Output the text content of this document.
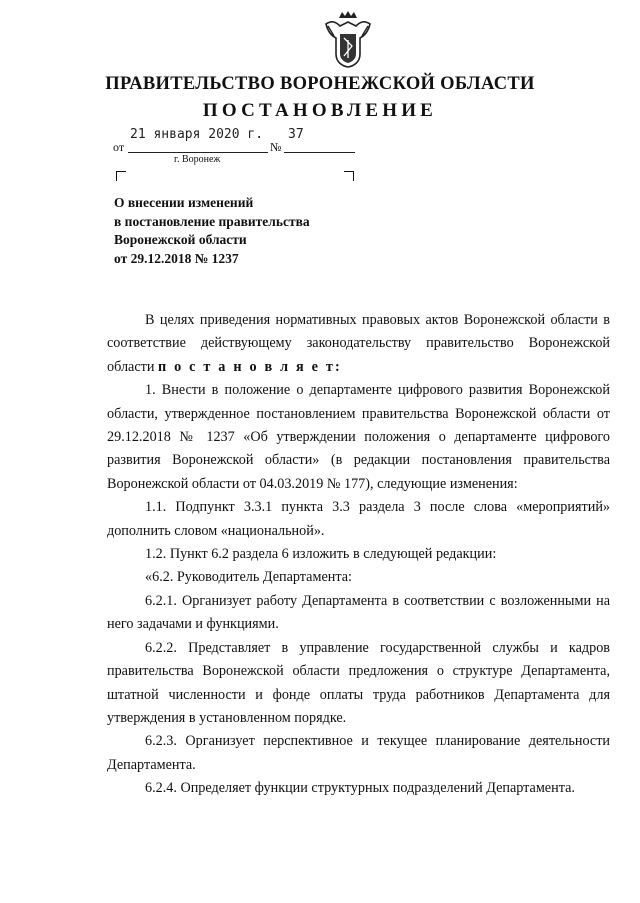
ПРАВИТЕЛЬСТВО ВОРОНЕЖСКОЙ ОБЛАСТИ
ПОСТАНОВЛЕНИЕ
от
21 января 2020 г.
№
37
г. Воронеж
О внесении изменений
в постановление правительства
Воронежской области
от 29.12.2018 № 1237

В целях приведения нормативных правовых актов Воронежской области в соответствие действующему законодательству правительство Воронежской области п о с т а н о в л я е т:

1. Внести в положение о департаменте цифрового развития Воронежской области, утвержденное постановлением правительства Воронежской области от 29.12.2018 № 1237 «Об утверждении положения о департаменте цифрового развития Воронежской области» (в редакции постановления правительства Воронежской области от 04.03.2019 № 177), следующие изменения:

1.1. Подпункт 3.3.1 пункта 3.3 раздела 3 после слова «мероприятий» дополнить словом «национальной».

1.2. Пункт 6.2 раздела 6 изложить в следующей редакции:

«6.2. Руководитель Департамента:

6.2.1. Организует работу Департамента в соответствии с возложенными на него задачами и функциями.

6.2.2. Представляет в управление государственной службы и кадров правительства Воронежской области предложения о структуре Департамента, штатной численности и фонде оплаты труда работников Департамента для утверждения в установленном порядке.

6.2.3. Организует перспективное и текущее планирование деятельности Департамента.

6.2.4. Определяет функции структурных подразделений Департамента.
